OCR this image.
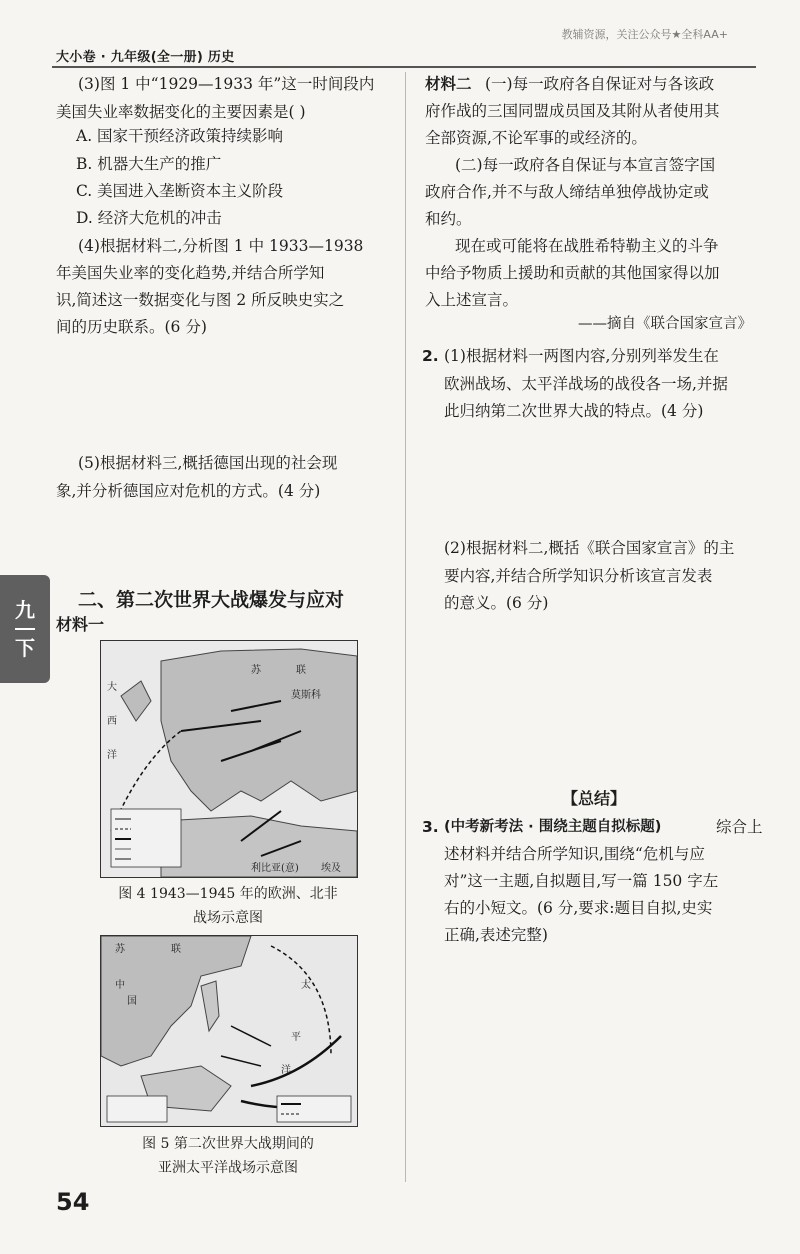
大小卷 · 九年级(全一册) 历史
教辅资源，关注公众号★全科AA+
九
下
(3)图 1 中“1929—1933 年”这一时间段内
美国失业率数据变化的主要因素是( )
A. 国家干预经济政策持续影响
B. 机器大生产的推广
C. 美国进入垄断资本主义阶段
D. 经济大危机的冲击
(4)根据材料二,分析图 1 中 1933—1938
年美国失业率的变化趋势,并结合所学知
识,简述这一数据变化与图 2 所反映史实之
间的历史联系。(6 分)
(5)根据材料三,概括德国出现的社会现
象,并分析德国应对危机的方式。(4 分)
二、第二次世界大战爆发与应对
材料一
大
西
洋
苏	联
莫斯科
利比亚(意) 埃及
图 4 1943—1945 年的欧洲、北非
战场示意图
苏	联
中
国
太
平
洋
图 5 第二次世界大战期间的
亚洲太平洋战场示意图
材料二 (一)每一政府各自保证对与各该政
府作战的三国同盟成员国及其附从者使用其
全部资源,不论军事的或经济的。
(二)每一政府各自保证与本宣言签字国
政府合作,并不与敌人缔结单独停战协定或
和约。
现在或可能将在战胜希特勒主义的斗争
中给予物质上援助和贡献的其他国家得以加
入上述宣言。
——摘自《联合国家宣言》
2. (1)根据材料一两图内容,分别列举发生在
欧洲战场、太平洋战场的战役各一场,并据
此归纳第二次世界大战的特点。(4 分)
(2)根据材料二,概括《联合国家宣言》的主
要内容,并结合所学知识分析该宣言发表
的意义。(6 分)
【总结】
3. (中考新考法 · 围绕主题自拟标题)	综合上
述材料并结合所学知识,围绕“危机与应
对”这一主题,自拟题目,写一篇 150 字左
右的小短文。(6 分,要求:题目自拟,史实
正确,表述完整)
54
